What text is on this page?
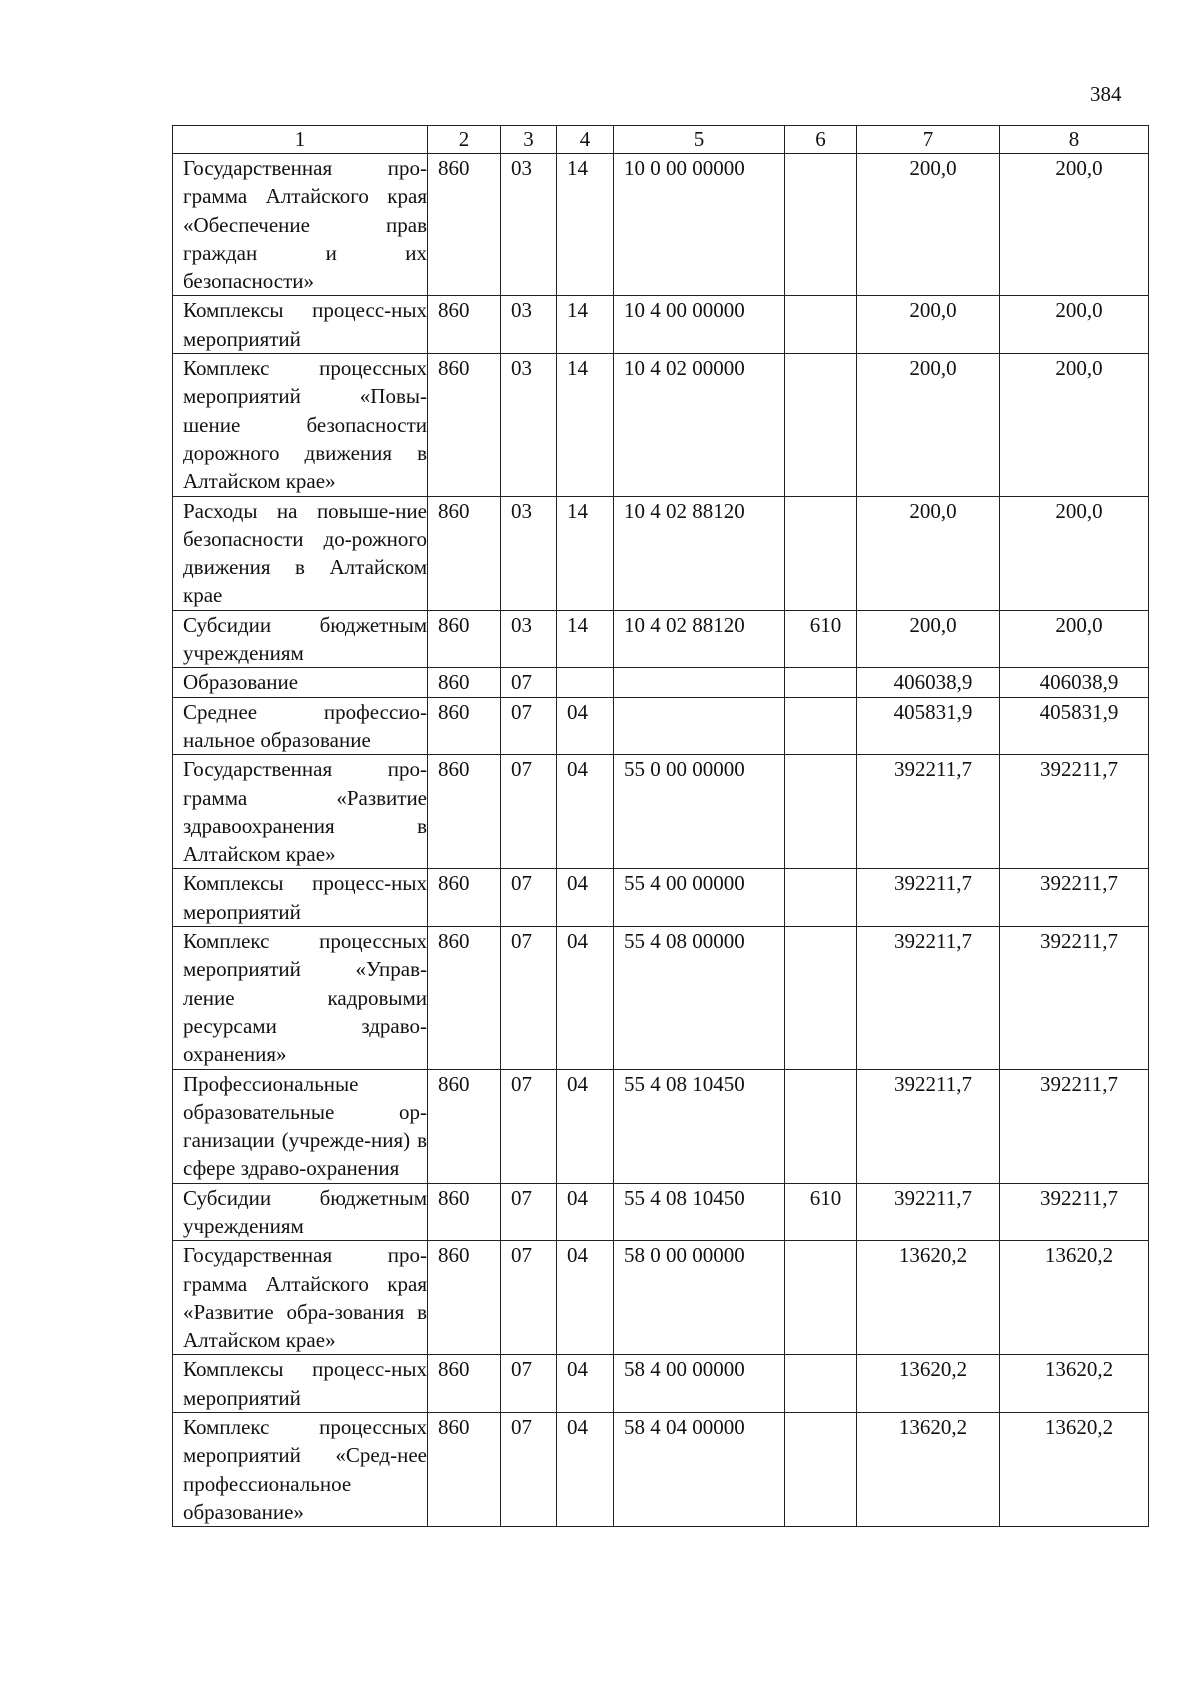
384
1	2	3	4	5	6	7	8
Государственная про-грамма Алтайского края «Обеспечение прав граждан и их безопасности»	860	03	14	10 0 00 00000		200,0	200,0
Комплексы процесс-ных мероприятий	860	03	14	10 4 00 00000		200,0	200,0
Комплекс процессных мероприятий «Повы-шение безопасности дорожного движения в Алтайском крае»	860	03	14	10 4 02 00000		200,0	200,0
Расходы на повыше-ние безопасности до-рожного движения в Алтайском крае	860	03	14	10 4 02 88120		200,0	200,0
Субсидии бюджетным учреждениям	860	03	14	10 4 02 88120	610	200,0	200,0
Образование	860	07				406038,9	406038,9
Среднее профессио-нальное образование	860	07	04			405831,9	405831,9
Государственная про-грамма «Развитие здравоохранения в Алтайском крае»	860	07	04	55 0 00 00000		392211,7	392211,7
Комплексы процесс-ных мероприятий	860	07	04	55 4 00 00000		392211,7	392211,7
Комплекс процессных мероприятий «Управ-ление кадровыми ресурсами здраво-охранения»	860	07	04	55 4 08 00000		392211,7	392211,7
Профессиональные образовательные ор-ганизации (учрежде-ния) в сфере здраво-охранения	860	07	04	55 4 08 10450		392211,7	392211,7
Субсидии бюджетным учреждениям	860	07	04	55 4 08 10450	610	392211,7	392211,7
Государственная про-грамма Алтайского края «Развитие обра-зования в Алтайском крае»	860	07	04	58 0 00 00000		13620,2	13620,2
Комплексы процесс-ных мероприятий	860	07	04	58 4 00 00000		13620,2	13620,2
Комплекс процессных мероприятий «Сред-нее профессиональное образование»	860	07	04	58 4 04 00000		13620,2	13620,2
